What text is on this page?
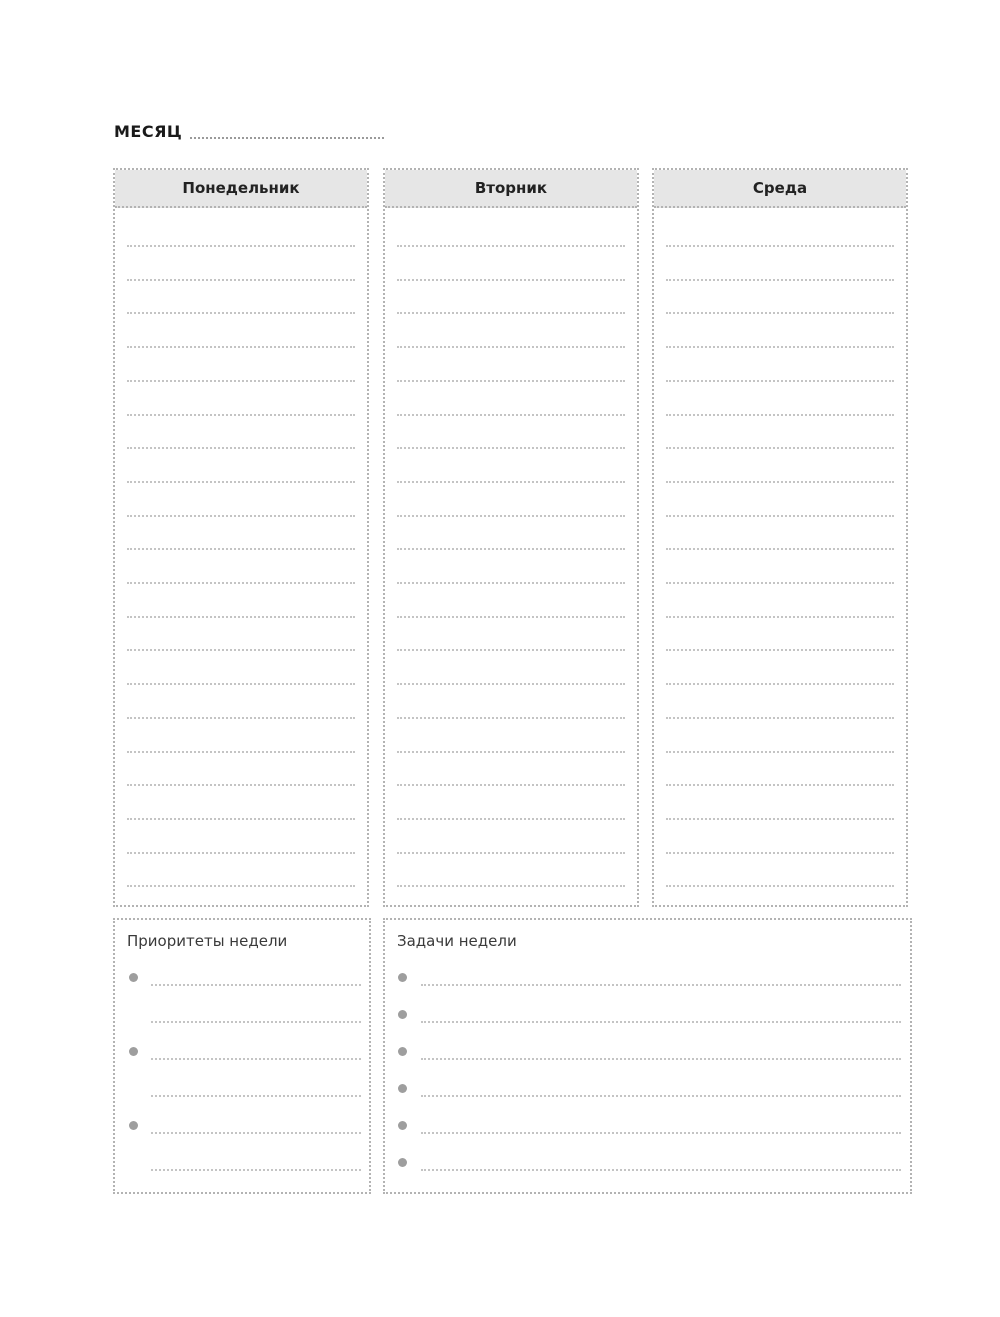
МЕСЯЦ
Понедельник	Вторник	Среда
Приоритеты недели	Задачи недели
